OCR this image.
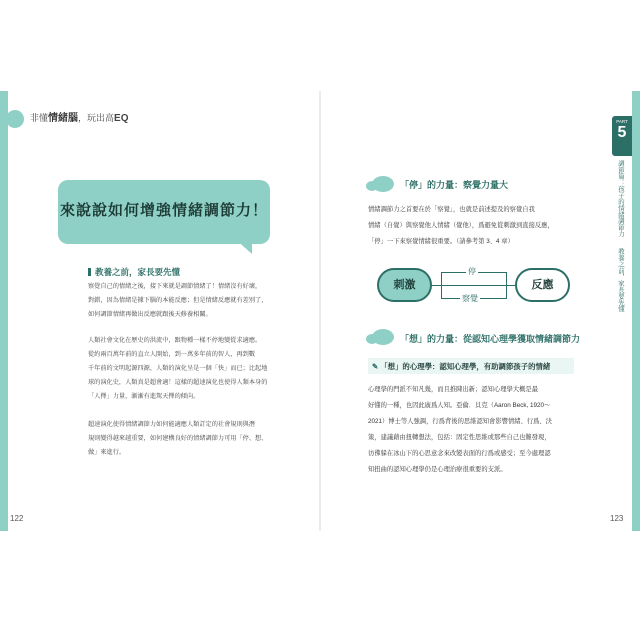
非懂情緒腦，玩出高EQ
來說說如何增強情緒調節力！
教養之前，家長要先懂
察覺自己的情緒之後，接下來就是調節情緒了！情緒沒有好壞，
對錯，因為情緒是據下腦的本能反應；但是情緒反應就有差別了，
如何調節情緒再做出反應就跟後天修養相關。
人類社會文化在歷史的洪流中，跟物種一樣不停地變從求適應。
從約兩百萬年前的直立人開始，到一萬多年前的智人，再到數
千年前的文明起源四源，人類的演化呈是一個「快」而已；比起地
球的演化史，人類真是超會適！這樣的超速演化也使得人類本身的
「人擇」力量，漸漸有進駕天擇的傾向。
超速演化使得情緒調節力如何能適應人類訂定的社會規則與潛
規則變得越來越重要，如何建構良好的情緒調節力可用「停、想、
做」來進行。
122
「停」的力量：察覺力量大
情緒調節力之首要在於「察覺」，也就是前述提及的察覺自我
情緒（自覺）與察覺他人情緒（覺他），爲避免從刺激到直接反應，
「停」一下來察覺情緒很重要。（請參考第 3、4 章）
停
察覺
刺激	反應
「想」的力量：從認知心理學獲取情緒調節力
✎ 「想」的心理學：認知心理學，有助調節孩子的情緒
心理學的門派不知凡幾，而且推陳出新；認知心理學大概是最
好懂的一種，也因此廣爲人知。亞倫．貝克（Aaron Beck, 1920～
2021）博士等人強調，行爲背後的思維認知會影響情緒、行爲、決
策，建議藉由扭轉想法，包括：固定性思維或那些自己也難發現，
彷彿躲在冰山下的心思意念來改變表面的行爲或感受；至今處理認
知扭曲的認知心理學仍是心理治療很重要的支派。
PART
5
調節篇：孩子的情緒調節力
教養之前，家長要先懂
123
